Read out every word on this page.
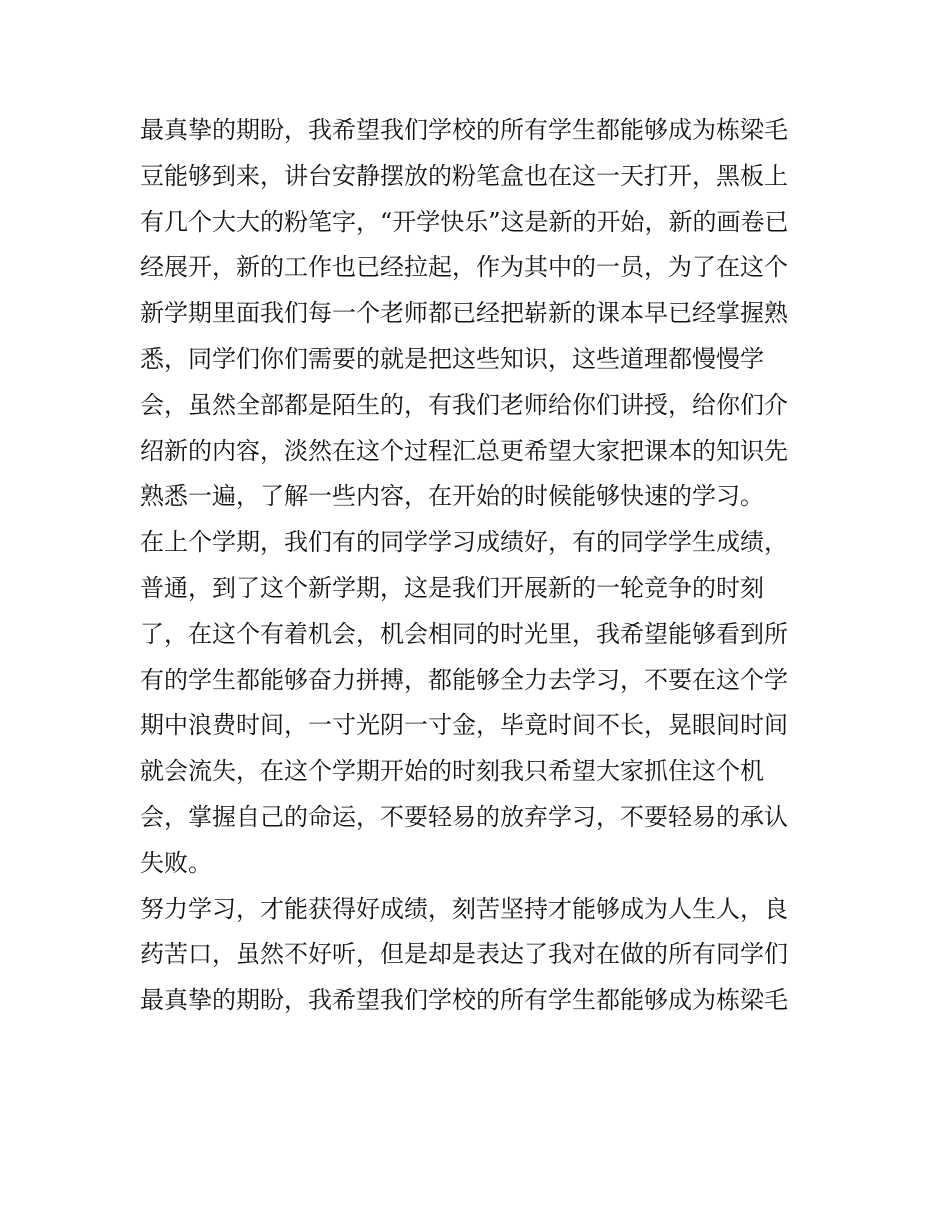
最真挚的期盼，我希望我们学校的所有学生都能够成为栋梁毛
豆能够到来，讲台安静摆放的粉笔盒也在这一天打开，黑板上
有几个大大的粉笔字，“开学快乐”这是新的开始，新的画卷已
经展开，新的工作也已经拉起，作为其中的一员，为了在这个
新学期里面我们每一个老师都已经把崭新的课本早已经掌握熟
悉，同学们你们需要的就是把这些知识，这些道理都慢慢学
会，虽然全部都是陌生的，有我们老师给你们讲授，给你们介
绍新的内容，淡然在这个过程汇总更希望大家把课本的知识先
熟悉一遍，了解一些内容，在开始的时候能够快速的学习。
在上个学期，我们有的同学学习成绩好，有的同学学生成绩，
普通，到了这个新学期，这是我们开展新的一轮竞争的时刻
了，在这个有着机会，机会相同的时光里，我希望能够看到所
有的学生都能够奋力拼搏，都能够全力去学习，不要在这个学
期中浪费时间，一寸光阴一寸金，毕竟时间不长，晃眼间时间
就会流失，在这个学期开始的时刻我只希望大家抓住这个机
会，掌握自己的命运，不要轻易的放弃学习，不要轻易的承认
失败。
努力学习，才能获得好成绩，刻苦坚持才能够成为人生人，良
药苦口，虽然不好听，但是却是表达了我对在做的所有同学们
最真挚的期盼，我希望我们学校的所有学生都能够成为栋梁毛
